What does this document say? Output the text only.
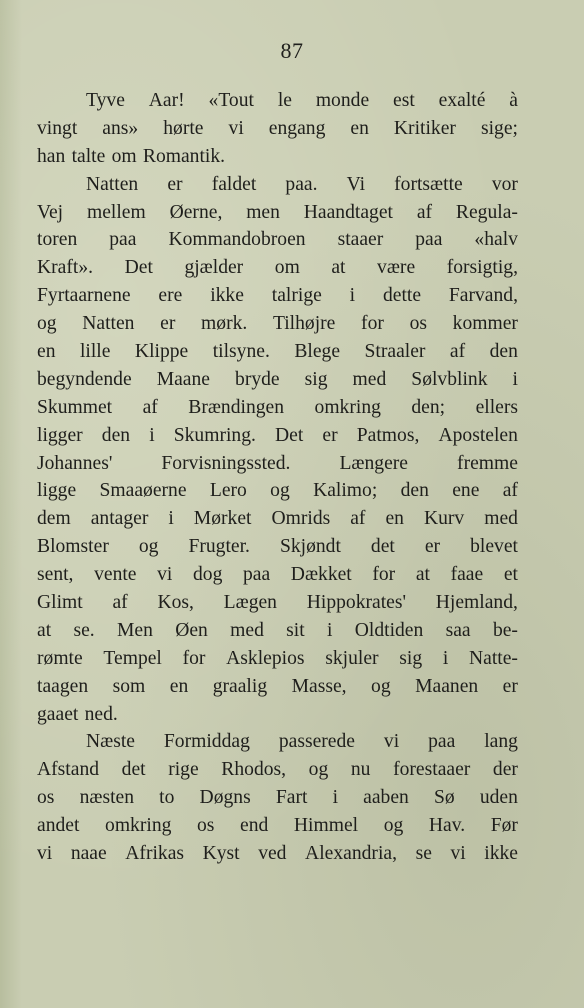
87
Tyve Aar! «Tout le monde est exalté à
vingt ans» hørte vi engang en Kritiker sige;
han talte om Romantik.
Natten er faldet paa. Vi fortsætte vor
Vej mellem Øerne, men Haandtaget af Regula-
toren paa Kommandobroen staaer paa «halv
Kraft». Det gjælder om at være forsigtig,
Fyrtaarnene ere ikke talrige i dette Farvand,
og Natten er mørk. Tilhøjre for os kommer
en lille Klippe tilsyne. Blege Straaler af den
begyndende Maane bryde sig med Sølvblink i
Skummet af Brændingen omkring den; ellers
ligger den i Skumring. Det er Patmos, Apostelen
Johannes'	Forvisningssted.	Længere	fremme
ligge Smaaøerne Lero og Kalimo; den ene af
dem antager i Mørket Omrids af en Kurv med
Blomster og Frugter. Skjøndt det er blevet
sent, vente vi dog paa Dækket for at faae et
Glimt af Kos, Lægen Hippokrates' Hjemland,
at se. Men Øen med sit i Oldtiden saa be-
rømte Tempel for Asklepios skjuler sig i Natte-
taagen som en graalig Masse, og Maanen er
gaaet ned.
Næste Formiddag passerede vi paa lang
Afstand det rige Rhodos, og nu forestaaer der
os næsten to Døgns Fart i aaben Sø uden
andet omkring os end Himmel og Hav. Før
vi naae Afrikas Kyst ved Alexandria, se vi ikke
